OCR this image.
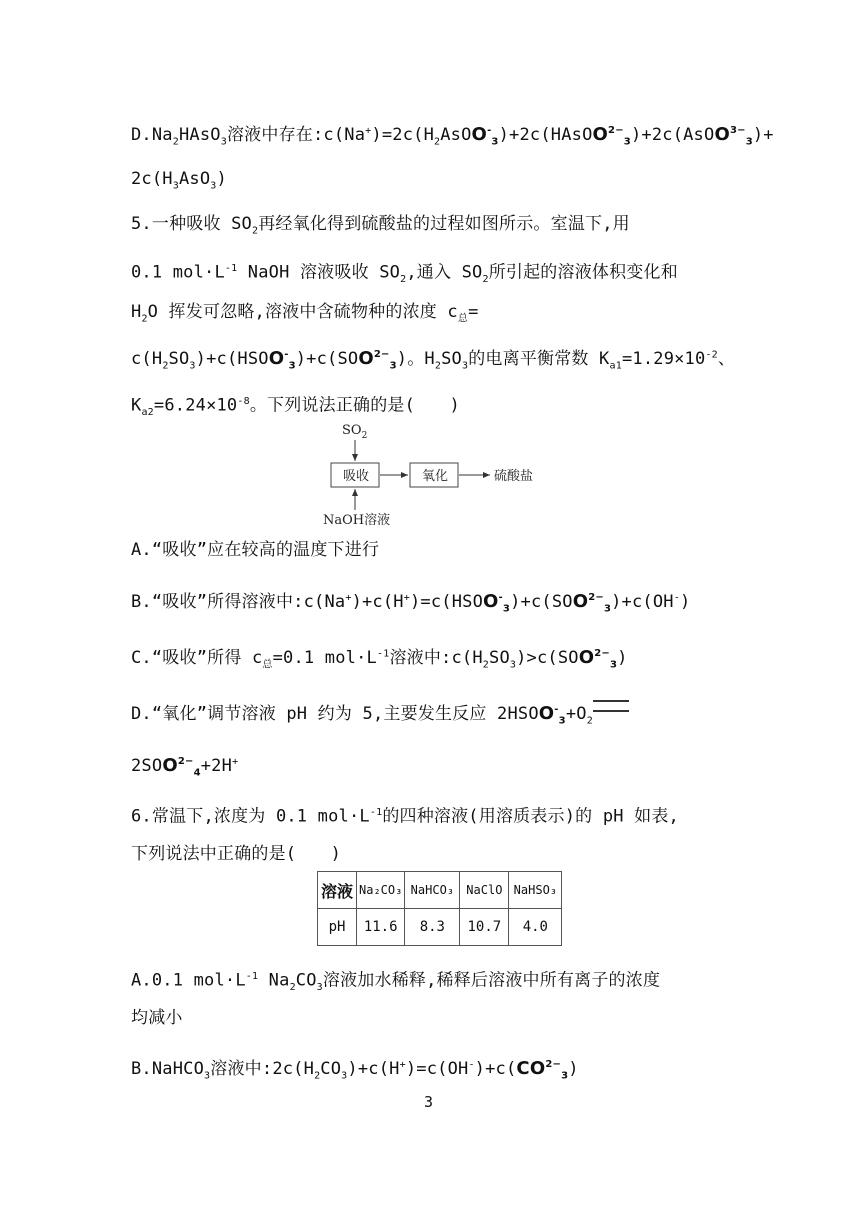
$D.Na_2HAsO_3$溶液中存在$:c(Na^+)=2c(H_2AsOO^-_3)+2c(HAsOO^{2-}_3)+2c(AsOO^{3-}_3)+$
$2c(H_3AsO_3)$
5.一种吸收 $SO_2$再经氧化得到硫酸盐的过程如图所示。室温下,用
0.1 $mol\cdot L^{-1}$ NaOH 溶液吸收 $SO_2$,通入 $SO_2$所引起的溶液体积变化和
$H_2O$ 挥发可忽略,溶液中含硫物种的浓度 $c_总=$
$c(H_2SO_3)+c(HSOO^-_3)+c(SOO^{2-}_3)$。$H_2SO_3$的电离平衡常数 $K_{a1}=1.29\times 10^{-2}$、
$K_{a2}=6.24\times 10^{-8}$。下列说法正确的是(　　)
$SO_2$
吸收	氧化	硫酸盐
NaOH溶液
A.“吸收”应在较高的温度下进行
B.“吸收”所得溶液中$:c(Na^+)+c(H^+)=c(HSOO^-_3)+c(SOO^{2-}_3)+c(OH^-)$
C.“吸收”所得 $c_总=0.1$ $mol\cdot L^{-1}$溶液中$:c(H_2SO_3)>c(SOO^{2-}_3)$
D.“氧化”调节溶液 pH 约为 5,主要发生反应 $2HSOO^-_3+O_2$
$2SOO^{2-}_4+2H^+$
6.常温下,浓度为 0.1 $mol\cdot L^{-1}$的四种溶液(用溶质表示)的 pH 如表,
下列说法中正确的是(　　)
溶液	Na₂CO₃	NaHCO₃	NaClO	NaHSO₃
pH	11.6	8.3	10.7	4.0
A.0.1 $mol\cdot L^{-1}$ $Na_2CO_3$溶液加水稀释,稀释后溶液中所有离子的浓度
均减小
B.NaHCO$_3$溶液中$:2c(H_2CO_3)+c(H^+)=c(OH^-)+c(CO^{2-}_3)$
3
